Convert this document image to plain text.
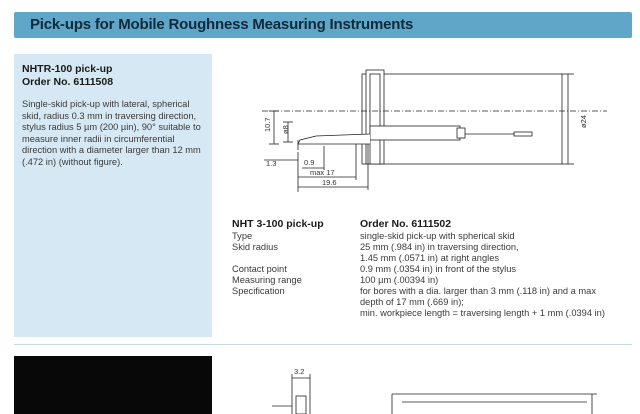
Pick-ups for Mobile Roughness Measuring Instruments
NHTR-100 pick-up
Order No. 6111508
Single-skid pick-up with lateral, spherical skid, radius 0.3 mm in traversing direction, stylus radius 5 µm (200 µin), 90° suitable to measure inner radii in circumferential direction with a diameter larger than 12 mm (.472 in) (without figure).
10.7 ø8
1.3	0.9
max 17
19.6
ø24
NHT 3-100 pick-up	Order No. 6111502
Type	single-skid pick-up with spherical skid
Skid radius	25 mm (.984 in) in traversing direction,
1.45 mm (.0571 in) at right angles
Contact point	0.9 mm (.0354 in) in front of the stylus
Measuring range	100 µm (.00394 in)
Specification	for bores with a dia. larger than 3 mm (.118 in) and a max
depth of 17 mm (.669 in);
min. workpiece length = traversing length + 1 mm (.0394 in)
3.2
